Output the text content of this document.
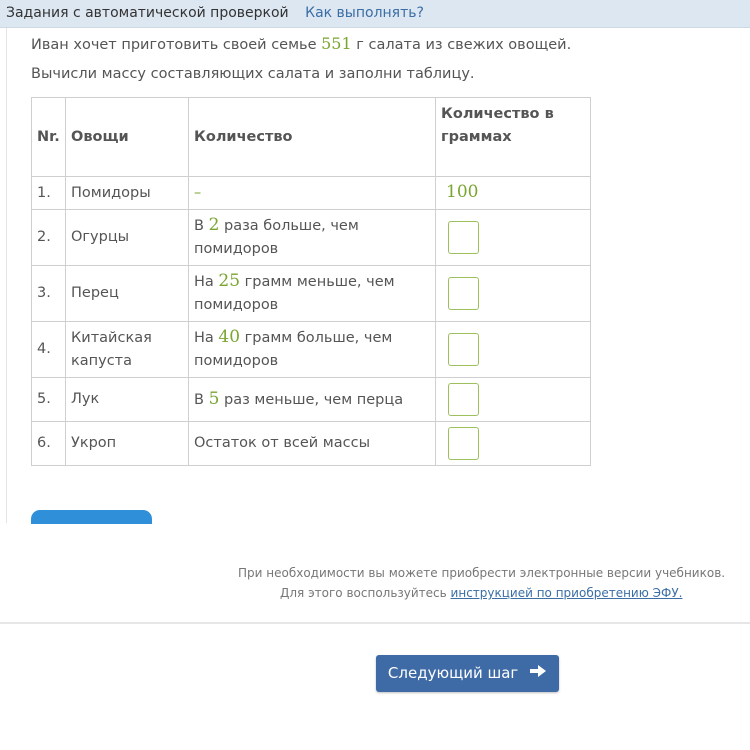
Задания с автоматической проверкой Как выполнять?
Иван хочет приготовить своей семье 551 г салата из свежих овощей.
Вычисли массу составляющих салата и заполни таблицу.
Nr.	Овощи	Количество	Количество в
граммах
1.	Помидоры	–	100
2.	Огурцы	В 2 раза больше, чем
помидоров	

3.	Перец	На 25 грамм меньше, чем
помидоров	

4.	Китайская
капуста	На 40 грамм больше, чем
помидоров	

5.	Лук	В 5 раз меньше, чем перца	

6.	Укроп	Остаток от всей массы	
При необходимости вы можете приобрести электронные версии учебников.
Для этого воспользуйтесь инструкцией по приобретению ЭФУ.
Следующий шаг
